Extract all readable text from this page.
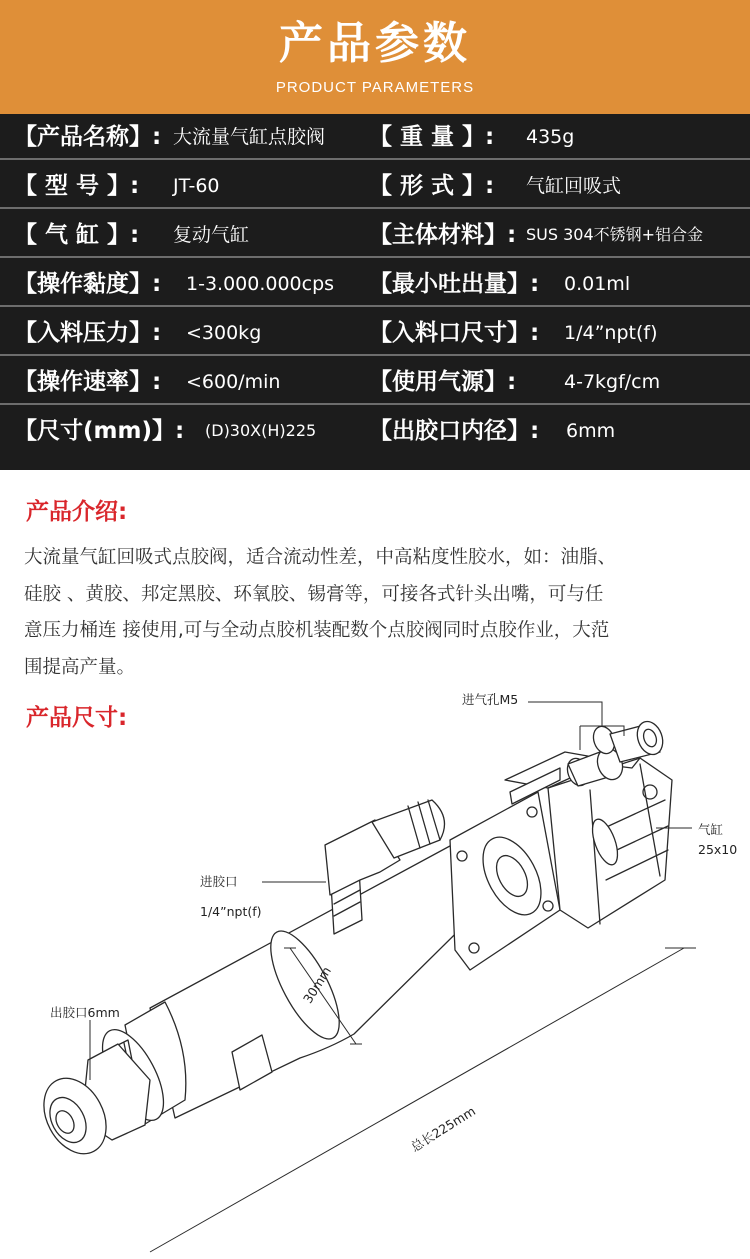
产品参数
PRODUCT PARAMETERS
【产品名称】: 大流量气缸点胶阀 【 重 量 】: 435g
【 型 号 】: JT-60	【 形 式 】: 气缸回吸式
【 气 缸 】: 复动气缸	【主体材料】: SUS 304不锈钢+铝合金
【操作黏度】: 1-3.000.000cps 【最小吐出量】: 0.01ml
【入料压力】: <300kg	【入料口尺寸】: 1/4”npt(f)
【操作速率】: <600/min	【使用气源】:	4-7kgf/cm
【尺寸(mm)】: (D)30X(H)225 【出胶口内径】: 6mm
产品介绍:
大流量气缸回吸式点胶阀，适合流动性差，中高粘度性胶水，如：油脂、
硅胶 、黄胶、邦定黑胶、环氧胶、锡膏等，可接各式针头出嘴，可与任
意压力桶连 接使用,可与全动点胶机装配数个点胶阀同时点胶作业，大范
围提高产量。
产品尺寸:
进气孔M5
气缸
25x10
进胶口
1/4”npt(f)
出胶口6mm
30mm
总长225mm
